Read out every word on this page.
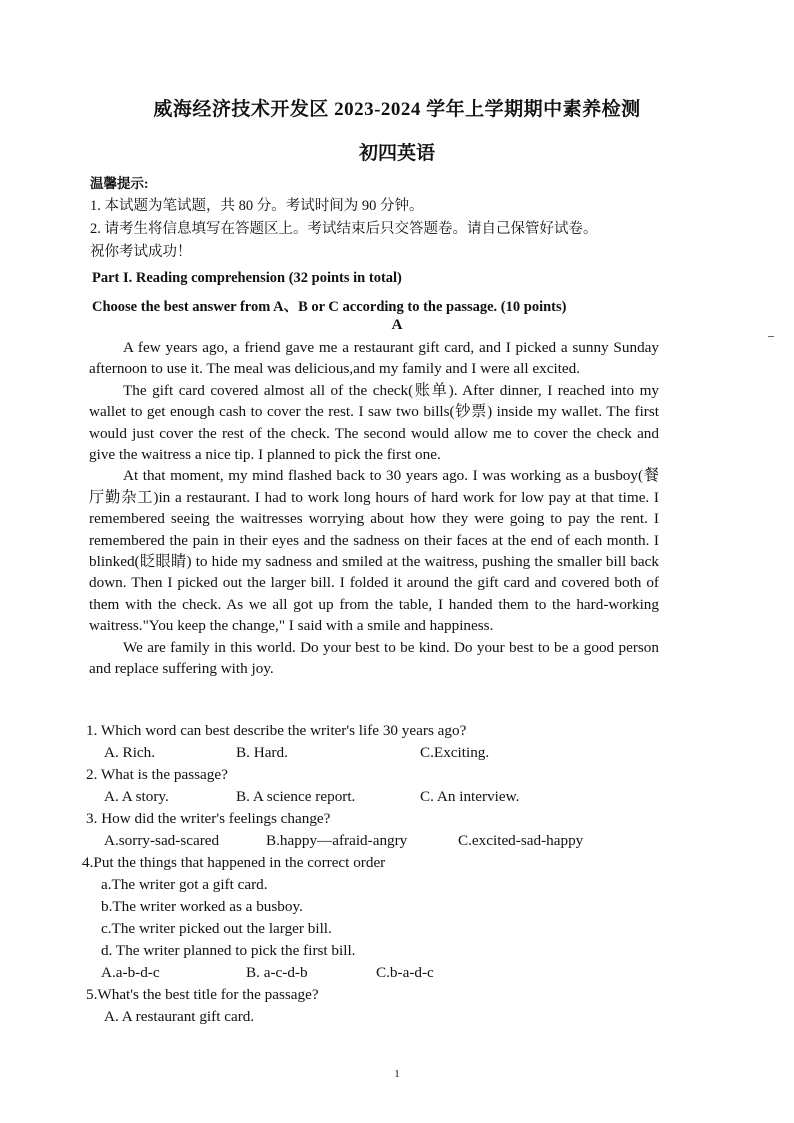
威海经济技术开发区 2023-2024 学年上学期期中素养检测
初四英语
温馨提示:
1. 本试题为笔试题，共 80 分。考试时间为 90 分钟。
2. 请考生将信息填写在答题区上。考试结束后只交答题卷。请自己保管好试卷。
祝你考试成功！
Part I. Reading comprehension (32 points in total)
Choose the best answer from A、B or C according to the passage. (10 points)
A

A few years ago, a friend gave me a restaurant gift card, and I picked a sunny Sunday afternoon to use it. The meal was delicious,and my family and I were all excited.

The gift card covered almost all of the check(账单). After dinner, I reached into my wallet to get enough cash to cover the rest. I saw two bills(钞票) inside my wallet. The first would just cover the rest of the check. The second would allow me to cover the check and give the waitress a nice tip. I planned to pick the first one.

At that moment, my mind flashed back to 30 years ago. I was working as a busboy(餐厅勤杂工)in a restaurant. I had to work long hours of hard work for low pay at that time. I remembered seeing the waitresses worrying about how they were going to pay the rent. I remembered the pain in their eyes and the sadness on their faces at the end of each month. I blinked(眨眼睛) to hide my sadness and smiled at the waitress, pushing the smaller bill back down. Then I picked out the larger bill. I folded it around the gift card and covered both of them with the check. As we all got up from the table, I handed them to the hard-working waitress."You keep the change," I said with a smile and happiness.

We are family in this world. Do your best to be kind. Do your best to be a good person and replace suffering with joy.

1. Which word can best describe the writer's life 30 years ago?
A. Rich.	B. Hard.	C.Exciting.
2. What is the passage?
A. A story.	B. A science report.	C. An interview.
3. How did the writer's feelings change?
A.sorry-sad-scared	B.happy—afraid-angry	C.excited-sad-happy
4.Put the things that happened in the correct order
a.The writer got a gift card.
b.The writer worked as a busboy.
c.The writer picked out the larger bill.
d. The writer planned to pick the first bill.
A.a-b-d-c	B. a-c-d-b	C.b-a-d-c
5.What's the best title for the passage?
A. A restaurant gift card.
1
